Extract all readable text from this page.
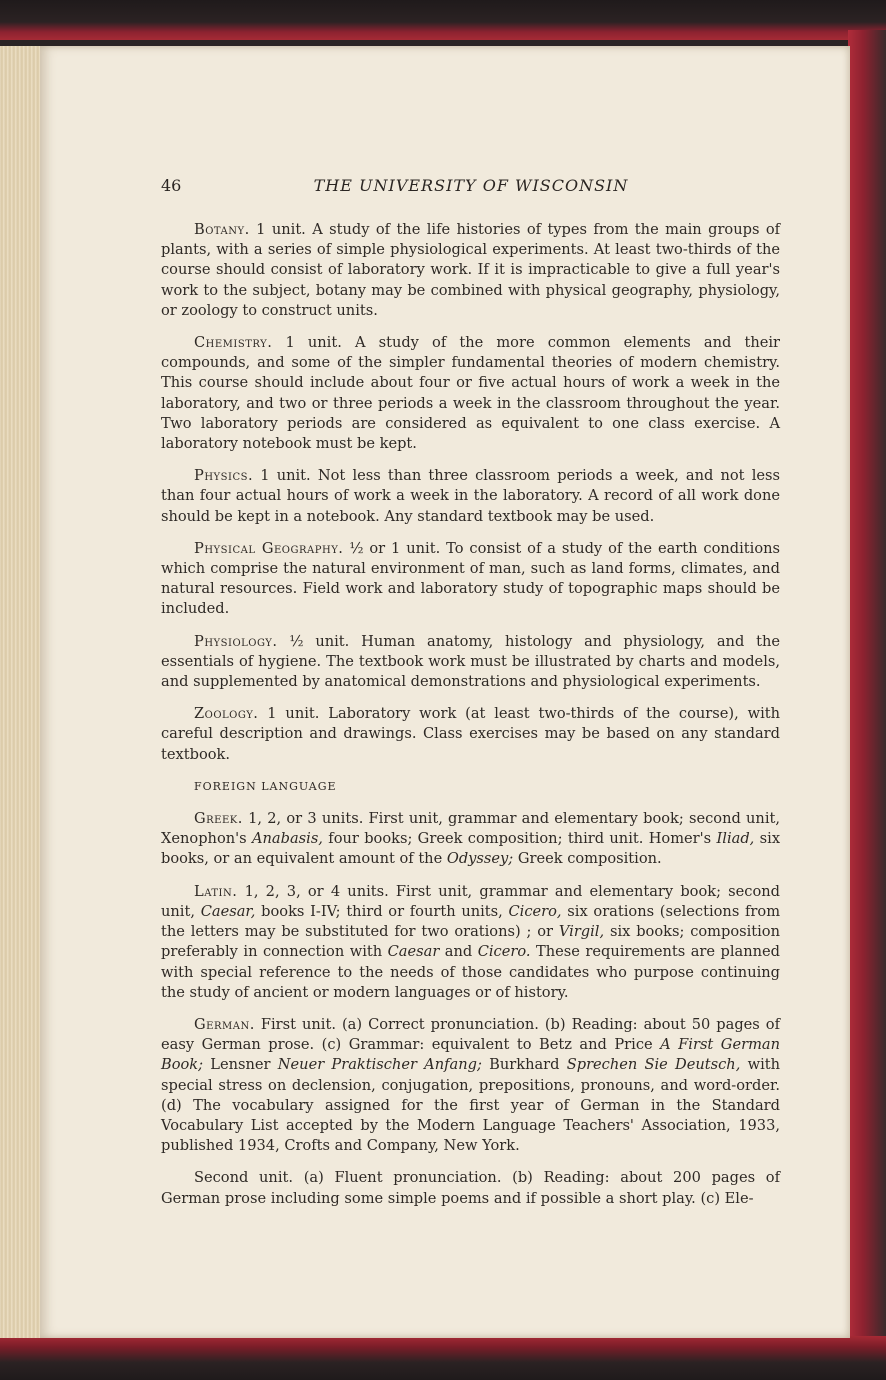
46	THE UNIVERSITY OF WISCONSIN

Botany. 1 unit. A study of the life histories of types from the main groups of plants, with a series of simple physiological experiments. At least two-thirds of the course should consist of laboratory work. If it is impracticable to give a full year's work to the subject, botany may be combined with physical geography, physiology, or zoology to construct units.

Chemistry. 1 unit. A study of the more common elements and their compounds, and some of the simpler fundamental theories of modern chemistry. This course should include about four or five actual hours of work a week in the laboratory, and two or three periods a week in the classroom throughout the year. Two laboratory periods are considered as equivalent to one class exercise. A laboratory notebook must be kept.

Physics. 1 unit. Not less than three classroom periods a week, and not less than four actual hours of work a week in the laboratory. A record of all work done should be kept in a notebook. Any standard textbook may be used.

Physical Geography. ½ or 1 unit. To consist of a study of the earth conditions which comprise the natural environment of man, such as land forms, climates, and natural resources. Field work and laboratory study of topographic maps should be included.

Physiology. ½ unit. Human anatomy, histology and physiology, and the essentials of hygiene. The textbook work must be illustrated by charts and models, and supplemented by anatomical demonstrations and physiological experiments.

Zoology. 1 unit. Laboratory work (at least two-thirds of the course), with careful description and drawings. Class exercises may be based on any standard textbook.

FOREIGN LANGUAGE

Greek. 1, 2, or 3 units. First unit, grammar and elementary book; second unit, Xenophon's Anabasis, four books; Greek composition; third unit. Homer's Iliad, six books, or an equivalent amount of the Odyssey; Greek composition.

Latin. 1, 2, 3, or 4 units. First unit, grammar and elementary book; second unit, Caesar, books I-IV; third or fourth units, Cicero, six orations (selections from the letters may be substituted for two orations) ; or Virgil, six books; composition preferably in connection with Caesar and Cicero. These requirements are planned with special reference to the needs of those candidates who purpose continuing the study of ancient or modern languages or of history.

German. First unit. (a) Correct pronunciation. (b) Reading: about 50 pages of easy German prose. (c) Grammar: equivalent to Betz and Price A First German Book; Lensner Neuer Praktischer Anfang; Burkhard Sprechen Sie Deutsch, with special stress on declension, conjugation, prepositions, pronouns, and word-order. (d) The vocabulary assigned for the first year of German in the Standard Vocabulary List accepted by the Modern Language Teachers' Association, 1933, published 1934, Crofts and Company, New York.

Second unit. (a) Fluent pronunciation. (b) Reading: about 200 pages of German prose including some simple poems and if possible a short play. (c) Ele-
